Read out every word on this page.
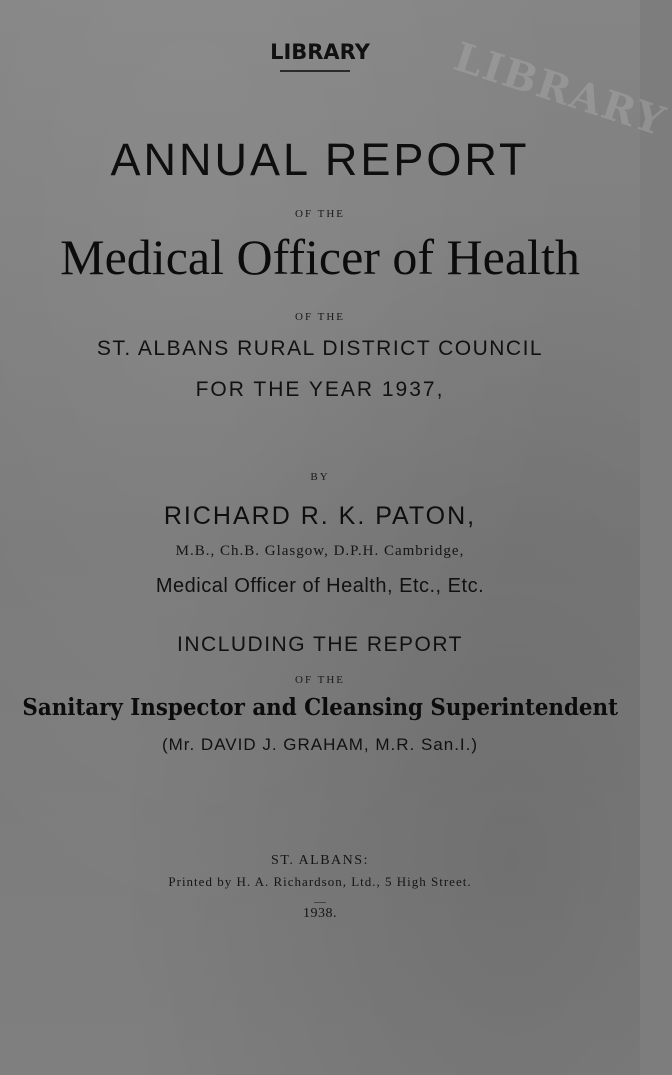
LIBRARY	LIBRARY
ANNUAL REPORT
OF THE
Medical Officer of Health
OF THE
ST. ALBANS RURAL DISTRICT COUNCIL
FOR THE YEAR 1937,
BY
RICHARD R. K. PATON,
M.B., Ch.B. Glasgow, D.P.H. Cambridge,
Medical Officer of Health, Etc., Etc.
INCLUDING THE REPORT
OF THE
Sanitary Inspector and Cleansing Superintendent
(Mr. DAVID J. GRAHAM, M.R. San.I.)
ST. ALBANS:
Printed by H. A. Richardson, Ltd., 5 High Street.
—
1938.
